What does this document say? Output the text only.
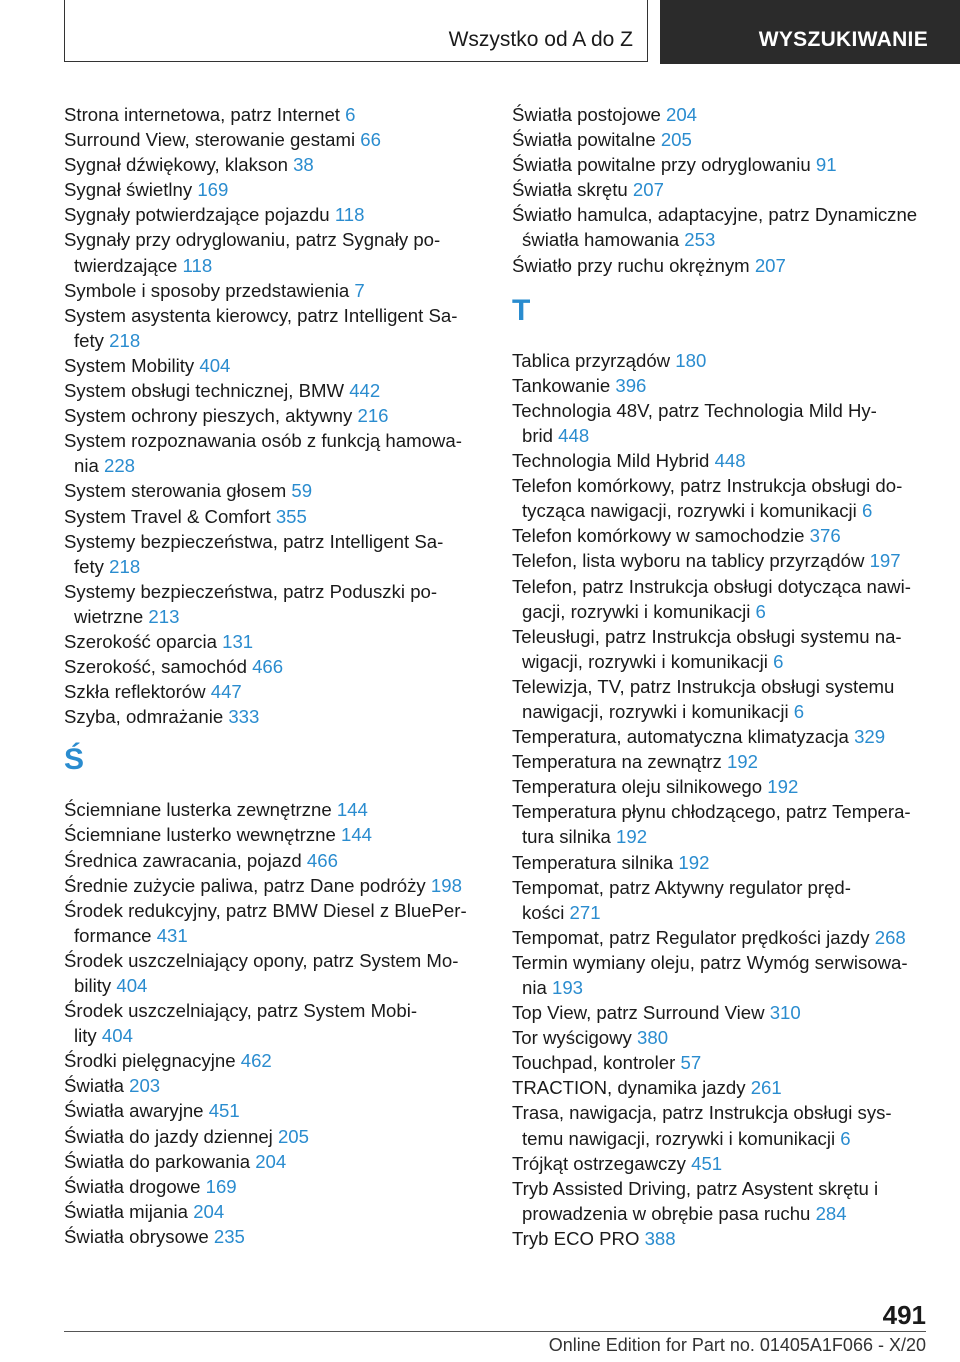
Wszystko od A do Z	WYSZUKIWANIE
Strona internetowa, patrz Internet 6
Surround View, sterowanie gestami 66
Sygnał dźwiękowy, klakson 38
Sygnał świetlny 169
Sygnały potwierdzające pojazdu 118
Sygnały przy odryglowaniu, patrz Sygnały po-
twierdzające 118
Symbole i sposoby przedstawienia 7
System asystenta kierowcy, patrz Intelligent Sa-
fety 218
System Mobility 404
System obsługi technicznej, BMW 442
System ochrony pieszych, aktywny 216
System rozpoznawania osób z funkcją hamowa-
nia 228
System sterowania głosem 59
System Travel & Comfort 355
Systemy bezpieczeństwa, patrz Intelligent Sa-
fety 218
Systemy bezpieczeństwa, patrz Poduszki po-
wietrzne 213
Szerokość oparcia 131
Szerokość, samochód 466
Szkła reflektorów 447
Szyba, odmrażanie 333
Ś
Ściemniane lusterka zewnętrzne 144
Ściemniane lusterko wewnętrzne 144
Średnica zawracania, pojazd 466
Średnie zużycie paliwa, patrz Dane podróży 198
Środek redukcyjny, patrz BMW Diesel z BluePer-
formance 431
Środek uszczelniający opony, patrz System Mo-
bility 404
Środek uszczelniający, patrz System Mobi-
lity 404
Środki pielęgnacyjne 462
Światła 203
Światła awaryjne 451
Światła do jazdy dziennej 205
Światła do parkowania 204
Światła drogowe 169
Światła mijania 204
Światła obrysowe 235
Światła postojowe 204
Światła powitalne 205
Światła powitalne przy odryglowaniu 91
Światła skrętu 207
Światło hamulca, adaptacyjne, patrz Dynamiczne
światła hamowania 253
Światło przy ruchu okrężnym 207
T
Tablica przyrządów 180
Tankowanie 396
Technologia 48V, patrz Technologia Mild Hy-
brid 448
Technologia Mild Hybrid 448
Telefon komórkowy, patrz Instrukcja obsługi do-
tycząca nawigacji, rozrywki i komunikacji 6
Telefon komórkowy w samochodzie 376
Telefon, lista wyboru na tablicy przyrządów 197
Telefon, patrz Instrukcja obsługi dotycząca nawi-
gacji, rozrywki i komunikacji 6
Teleusługi, patrz Instrukcja obsługi systemu na-
wigacji, rozrywki i komunikacji 6
Telewizja, TV, patrz Instrukcja obsługi systemu
nawigacji, rozrywki i komunikacji 6
Temperatura, automatyczna klimatyzacja 329
Temperatura na zewnątrz 192
Temperatura oleju silnikowego 192
Temperatura płynu chłodzącego, patrz Tempera-
tura silnika 192
Temperatura silnika 192
Tempomat, patrz Aktywny regulator pręd-
kości 271
Tempomat, patrz Regulator prędkości jazdy 268
Termin wymiany oleju, patrz Wymóg serwisowa-
nia 193
Top View, patrz Surround View 310
Tor wyścigowy 380
Touchpad, kontroler 57
TRACTION, dynamika jazdy 261
Trasa, nawigacja, patrz Instrukcja obsługi sys-
temu nawigacji, rozrywki i komunikacji 6
Trójkąt ostrzegawczy 451
Tryb Assisted Driving, patrz Asystent skrętu i
prowadzenia w obrębie pasa ruchu 284
Tryb ECO PRO 388
491
Online Edition for Part no. 01405A1F066 - X/20
